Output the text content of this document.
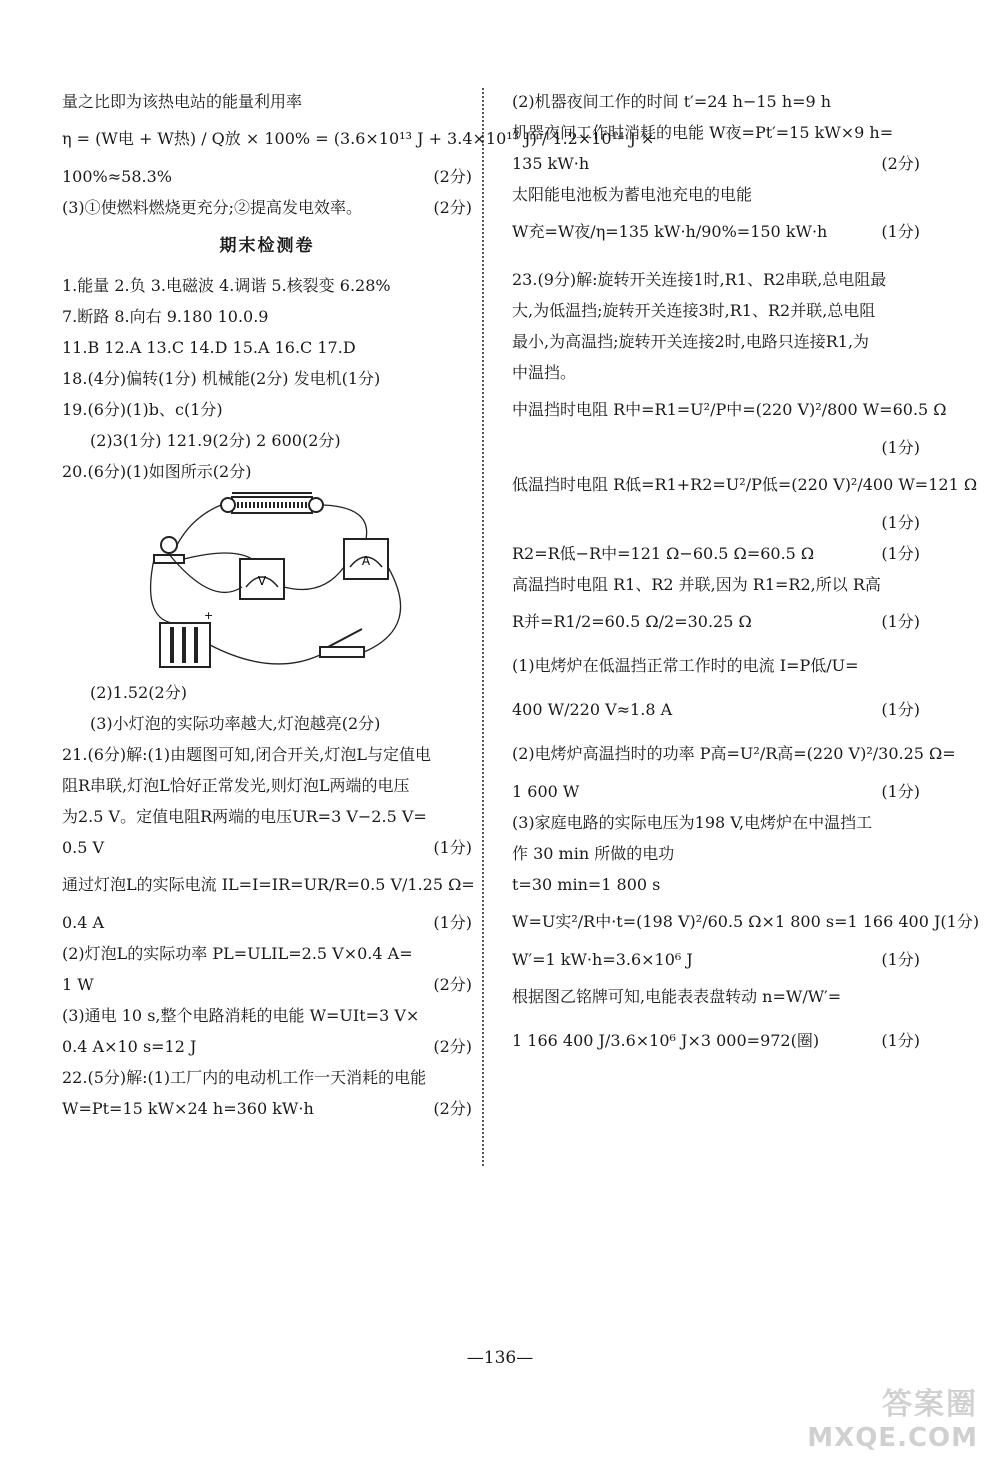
量之比即为该热电站的能量利用率
η = (W电 + W热) / Q放 × 100% = (3.6×10¹³ J + 3.4×10¹³ J) / 1.2×10¹⁴ J ×
100%≈58.3%	(2分)
(3)①使燃料燃烧更充分;②提高发电效率。	(2分)
期末检测卷
1.能量 2.负 3.电磁波 4.调谐 5.核裂变 6.28%
7.断路 8.向右 9.180 10.0.9
11.B 12.A 13.C 14.D 15.A 16.C 17.D
18.(4分)偏转(1分) 机械能(2分) 发电机(1分)
19.(6分)(1)b、c(1分)
(2)3(1分) 121.9(2分) 2 600(2分)
20.(6分)(1)如图所示(2分)
V
A
+
(2)1.52(2分)
(3)小灯泡的实际功率越大,灯泡越亮(2分)
21.(6分)解:(1)由题图可知,闭合开关,灯泡L与定值电
阻R串联,灯泡L恰好正常发光,则灯泡L两端的电压
为2.5 V。定值电阻R两端的电压UR=3 V−2.5 V=
0.5 V	(1分)
通过灯泡L的实际电流 IL=I=IR=UR/R=0.5 V/1.25 Ω=
0.4 A	(1分)
(2)灯泡L的实际功率 PL=ULIL=2.5 V×0.4 A=
1 W	(2分)
(3)通电 10 s,整个电路消耗的电能 W=UIt=3 V×
0.4 A×10 s=12 J	(2分)
22.(5分)解:(1)工厂内的电动机工作一天消耗的电能
W=Pt=15 kW×24 h=360 kW·h	(2分)
(2)机器夜间工作的时间 t′=24 h−15 h=9 h
机器夜间工作时消耗的电能 W夜=Pt′=15 kW×9 h=
135 kW·h	(2分)
太阳能电池板为蓄电池充电的电能
W充=W夜/η=135 kW·h/90%=150 kW·h	(1分)
23.(9分)解:旋转开关连接1时,R1、R2串联,总电阻最
大,为低温挡;旋转开关连接3时,R1、R2并联,总电阻
最小,为高温挡;旋转开关连接2时,电路只连接R1,为
中温挡。
中温挡时电阻 R中=R1=U²/P中=(220 V)²/800 W=60.5 Ω
(1分)
低温挡时电阻 R低=R1+R2=U²/P低=(220 V)²/400 W=121 Ω
(1分)
R2=R低−R中=121 Ω−60.5 Ω=60.5 Ω	(1分)
高温挡时电阻 R1、R2 并联,因为 R1=R2,所以 R高
R并=R1/2=60.5 Ω/2=30.25 Ω	(1分)
(1)电烤炉在低温挡正常工作时的电流 I=P低/U=
400 W/220 V≈1.8 A	(1分)
(2)电烤炉高温挡时的功率 P高=U²/R高=(220 V)²/30.25 Ω=
1 600 W	(1分)
(3)家庭电路的实际电压为198 V,电烤炉在中温挡工
作 30 min 所做的电功
t=30 min=1 800 s
W=U实²/R中·t=(198 V)²/60.5 Ω×1 800 s=1 166 400 J (1分)
W′=1 kW·h=3.6×10⁶ J	(1分)
根据图乙铭牌可知,电能表表盘转动 n=W/W′=
1 166 400 J/3.6×10⁶ J×3 000=972(圈)	(1分)
—136—
答案圈
MXQE.COM
